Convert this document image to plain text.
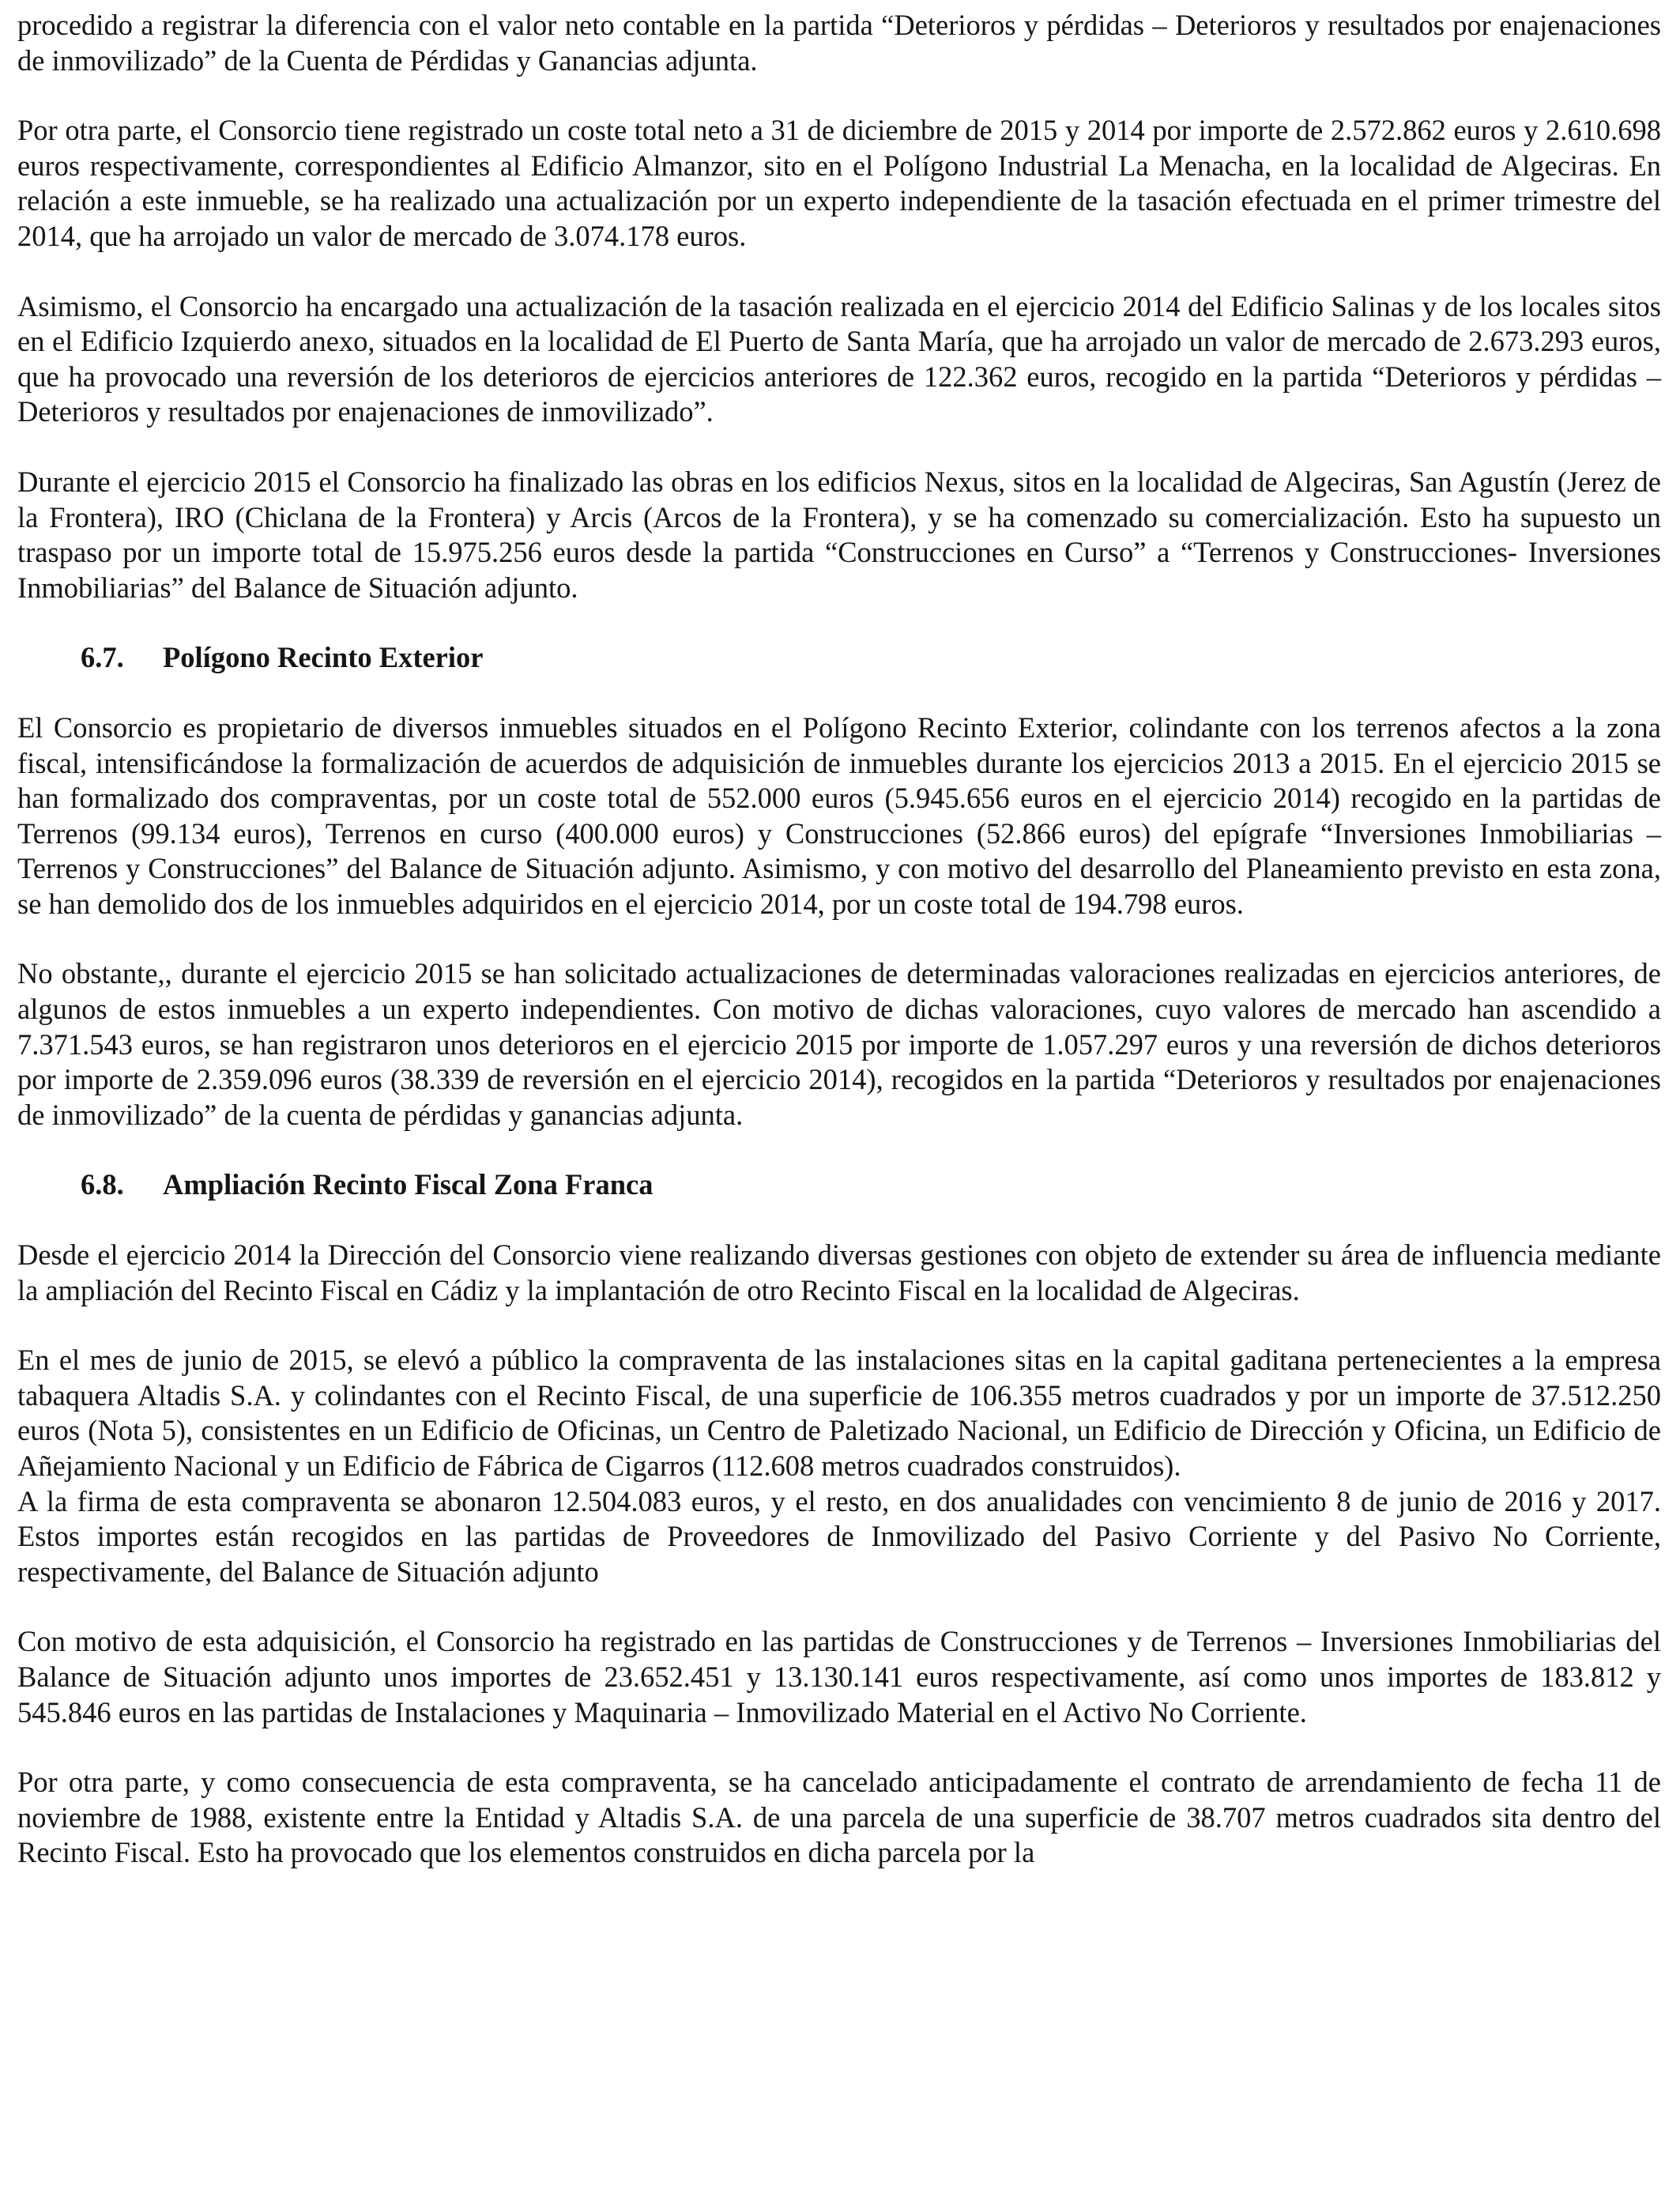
procedido a registrar la diferencia con el valor neto contable en la partida “Deterioros y pérdidas – Deterioros y resultados por enajenaciones de inmovilizado” de la Cuenta de Pérdidas y Ganancias adjunta.

Por otra parte, el Consorcio tiene registrado un coste total neto a 31 de diciembre de 2015 y 2014 por importe de 2.572.862 euros y 2.610.698 euros respectivamente, correspondientes al Edificio Almanzor, sito en el Polígono Industrial La Menacha, en la localidad de Algeciras. En relación a este inmueble, se ha realizado una actualización por un experto independiente de la tasación efectuada en el primer trimestre del 2014, que ha arrojado un valor de mercado de 3.074.178 euros.

Asimismo, el Consorcio ha encargado una actualización de la tasación realizada en el ejercicio 2014 del Edificio Salinas y de los locales sitos en el Edificio Izquierdo anexo, situados en la localidad de El Puerto de Santa María, que ha arrojado un valor de mercado de 2.673.293 euros, que ha provocado una reversión de los deterioros de ejercicios anteriores de 122.362 euros, recogido en la partida “Deterioros y pérdidas – Deterioros y resultados por enajenaciones de inmovilizado”.

Durante el ejercicio 2015 el Consorcio ha finalizado las obras en los edificios Nexus, sitos en la localidad de Algeciras, San Agustín (Jerez de la Frontera), IRO (Chiclana de la Frontera) y Arcis (Arcos de la Frontera), y se ha comenzado su comercialización. Esto ha supuesto un traspaso por un importe total de 15.975.256 euros desde la partida “Construcciones en Curso” a “Terrenos y Construcciones- Inversiones Inmobiliarias” del Balance de Situación adjunto.

6.7. Polígono Recinto Exterior

El Consorcio es propietario de diversos inmuebles situados en el Polígono Recinto Exterior, colindante con los terrenos afectos a la zona fiscal, intensificándose la formalización de acuerdos de adquisición de inmuebles durante los ejercicios 2013 a 2015. En el ejercicio 2015 se han formalizado dos compraventas, por un coste total de 552.000 euros (5.945.656 euros en el ejercicio 2014) recogido en la partidas de Terrenos (99.134 euros), Terrenos en curso (400.000 euros) y Construcciones (52.866 euros) del epígrafe “Inversiones Inmobiliarias – Terrenos y Construcciones” del Balance de Situación adjunto. Asimismo, y con motivo del desarrollo del Planeamiento previsto en esta zona, se han demolido dos de los inmuebles adquiridos en el ejercicio 2014, por un coste total de 194.798 euros.

No obstante,, durante el ejercicio 2015 se han solicitado actualizaciones de determinadas valoraciones realizadas en ejercicios anteriores, de algunos de estos inmuebles a un experto independientes. Con motivo de dichas valoraciones, cuyo valores de mercado han ascendido a 7.371.543 euros, se han registraron unos deterioros en el ejercicio 2015 por importe de 1.057.297 euros y una reversión de dichos deterioros por importe de 2.359.096 euros (38.339 de reversión en el ejercicio 2014), recogidos en la partida “Deterioros y resultados por enajenaciones de inmovilizado” de la cuenta de pérdidas y ganancias adjunta.

6.8. Ampliación Recinto Fiscal Zona Franca

Desde el ejercicio 2014 la Dirección del Consorcio viene realizando diversas gestiones con objeto de extender su área de influencia mediante la ampliación del Recinto Fiscal en Cádiz y la implantación de otro Recinto Fiscal en la localidad de Algeciras.

En el mes de junio de 2015, se elevó a público la compraventa de las instalaciones sitas en la capital gaditana pertenecientes a la empresa tabaquera Altadis S.A. y colindantes con el Recinto Fiscal, de una superficie de 106.355 metros cuadrados y por un importe de 37.512.250 euros (Nota 5), consistentes en un Edificio de Oficinas, un Centro de Paletizado Nacional, un Edificio de Dirección y Oficina, un Edificio de Añejamiento Nacional y un Edificio de Fábrica de Cigarros (112.608 metros cuadrados construidos).

A la firma de esta compraventa se abonaron 12.504.083 euros, y el resto, en dos anualidades con vencimiento 8 de junio de 2016 y 2017. Estos importes están recogidos en las partidas de Proveedores de Inmovilizado del Pasivo Corriente y del Pasivo No Corriente, respectivamente, del Balance de Situación adjunto

Con motivo de esta adquisición, el Consorcio ha registrado en las partidas de Construcciones y de Terrenos – Inversiones Inmobiliarias del Balance de Situación adjunto unos importes de 23.652.451 y 13.130.141 euros respectivamente, así como unos importes de 183.812 y 545.846 euros en las partidas de Instalaciones y Maquinaria – Inmovilizado Material en el Activo No Corriente.

Por otra parte, y como consecuencia de esta compraventa, se ha cancelado anticipadamente el contrato de arrendamiento de fecha 11 de noviembre de 1988, existente entre la Entidad y Altadis S.A. de una parcela de una superficie de 38.707 metros cuadrados sita dentro del Recinto Fiscal. Esto ha provocado que los elementos construidos en dicha parcela por la
